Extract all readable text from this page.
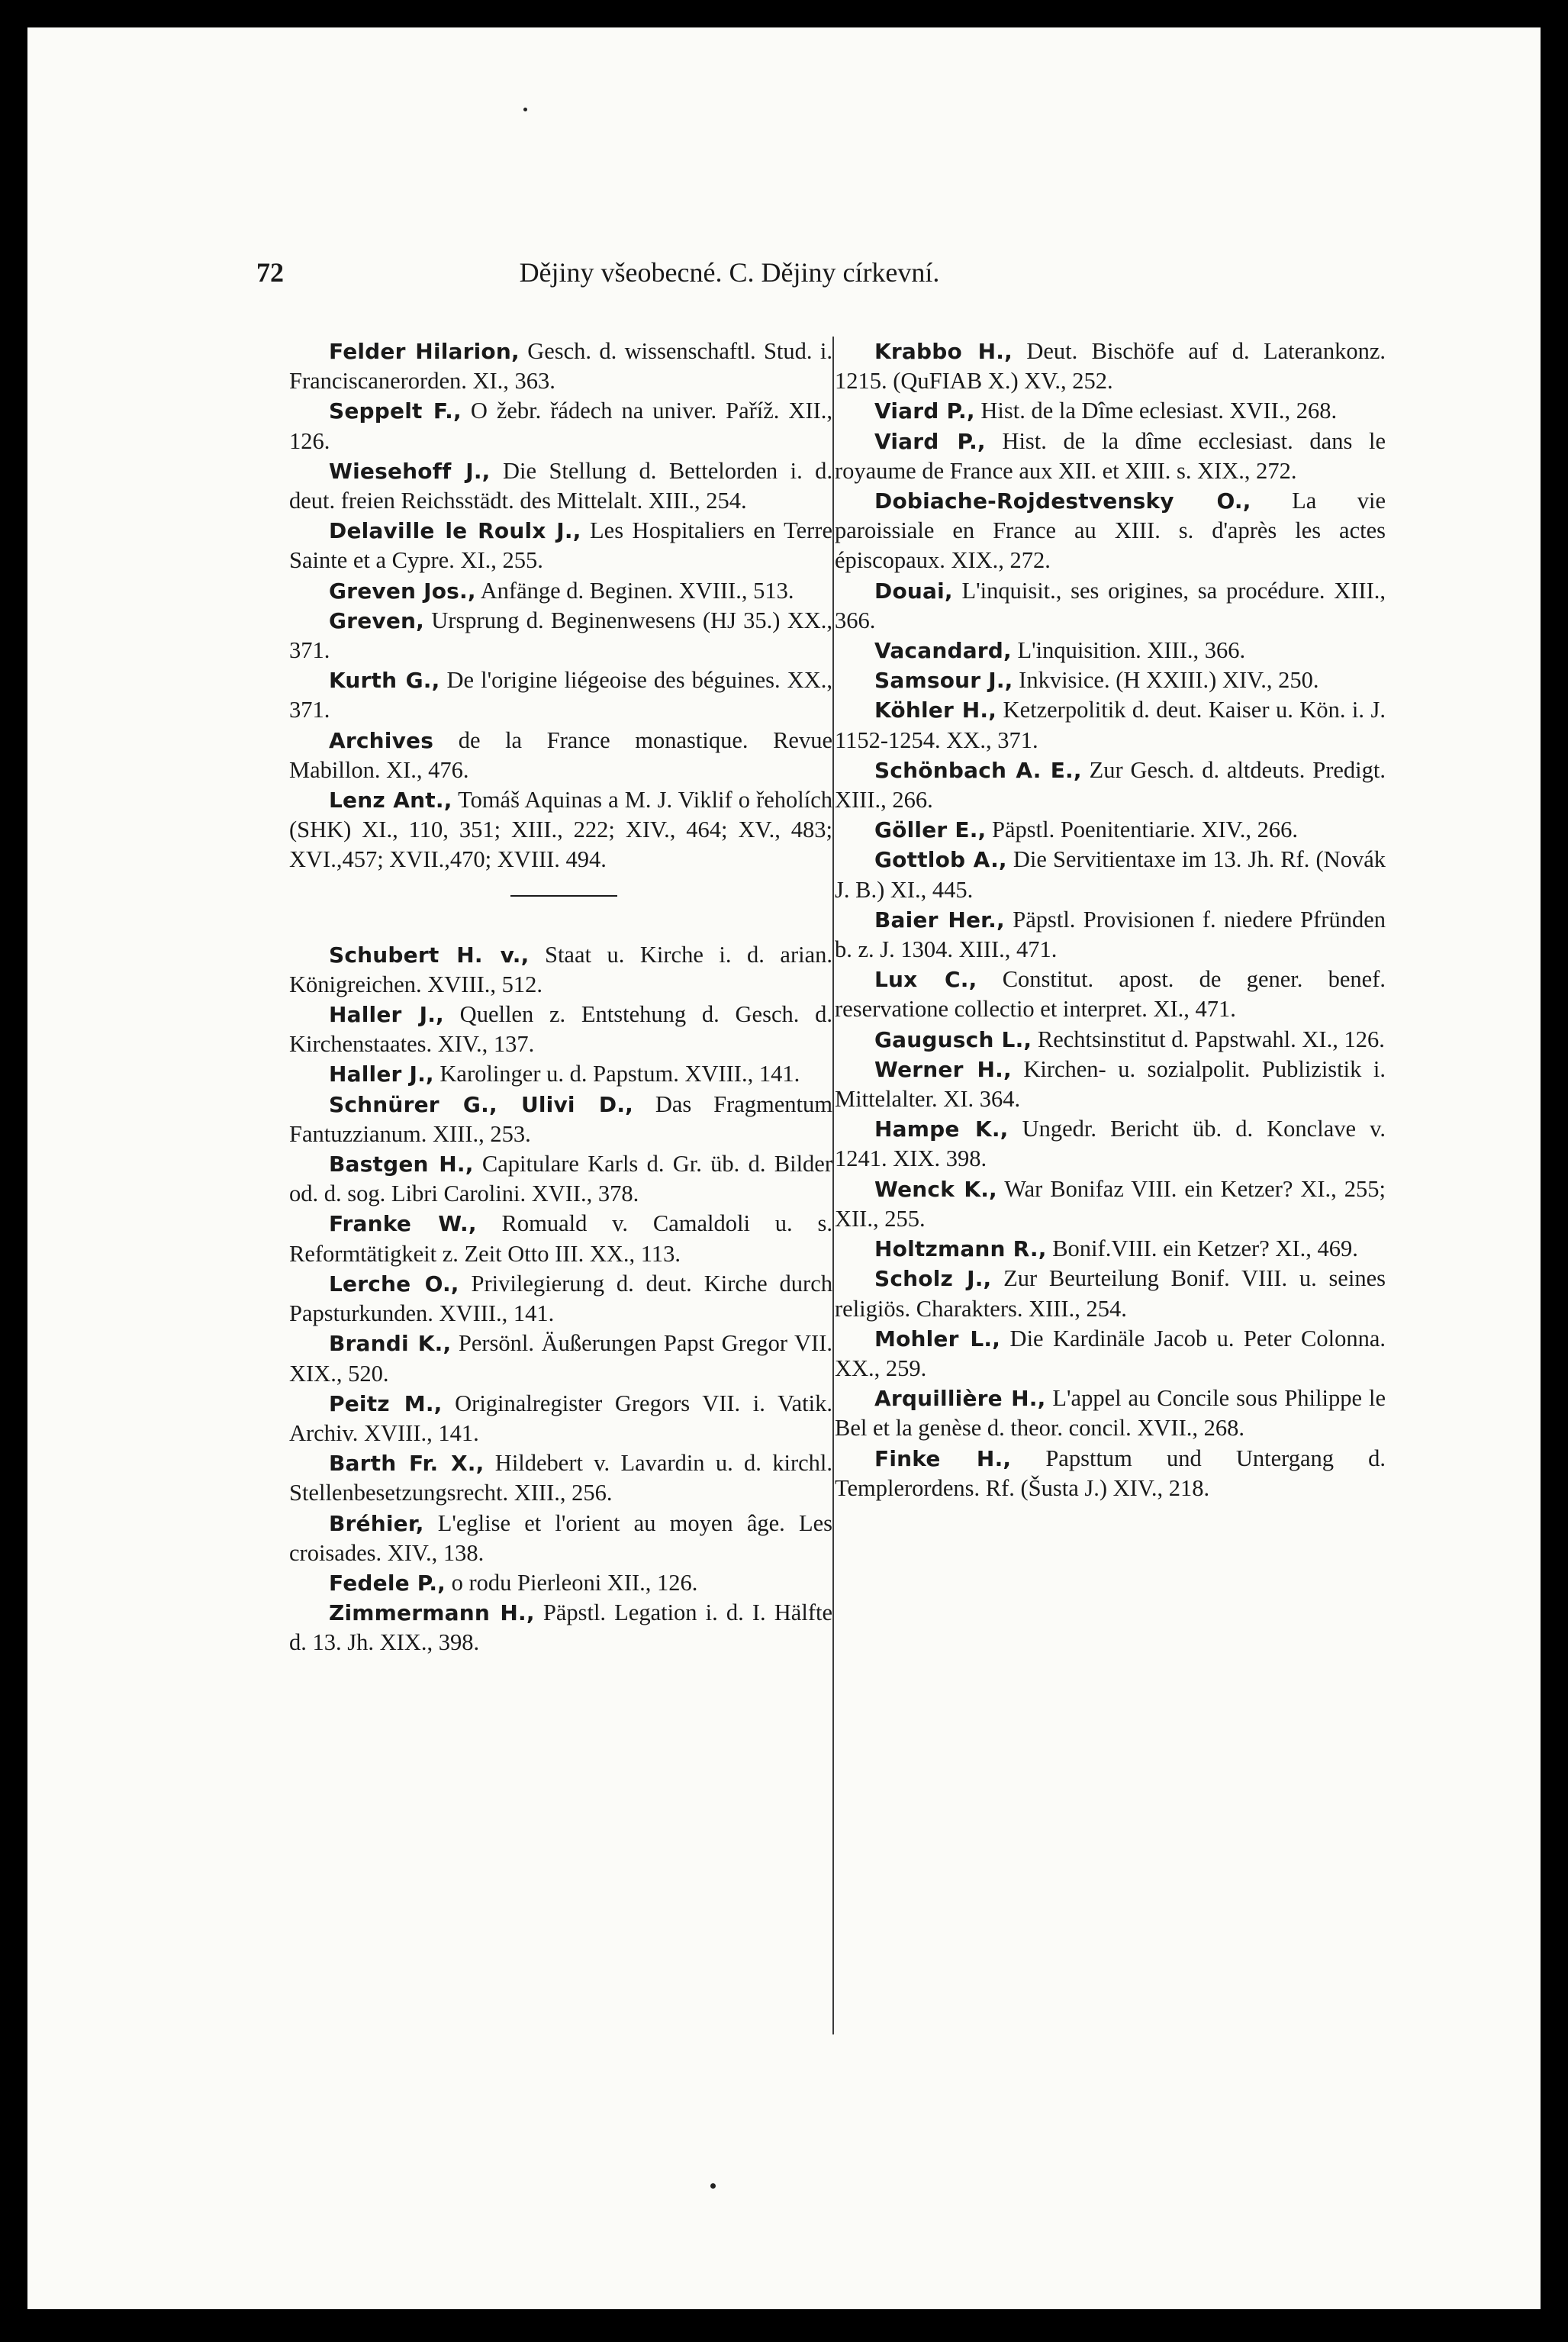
72	Dějiny všeobecné. C. Dějiny církevní.

Felder Hilarion, Gesch. d. wissenschaftl. Stud. i. Franciscanerorden. XI., 363.

Seppelt F., O žebr. řádech na univer. Paříž. XII., 126.

Wiesehoff J., Die Stellung d. Bettelorden i. d. deut. freien Reichsstädt. des Mittelalt. XIII., 254.

Delaville le Roulx J., Les Hospitaliers en Terre Sainte et a Cypre. XI., 255.

Greven Jos., Anfänge d. Beginen. XVIII., 513.

Greven, Ursprung d. Beginenwesens (HJ 35.) XX., 371.

Kurth G., De l'origine liégeoise des béguines. XX., 371.

Archives de la France monastique. Revue Mabillon. XI., 476.

Lenz Ant., Tomáš Aquinas a M. J. Viklif o řeholích (SHK) XI., 110, 351; XIII., 222; XIV., 464; XV., 483; XVI.,457; XVII.,470; XVIII. 494.

Schubert H. v., Staat u. Kirche i. d. arian. Königreichen. XVIII., 512.

Haller J., Quellen z. Entstehung d. Gesch. d. Kirchenstaates. XIV., 137.

Haller J., Karolinger u. d. Papstum. XVIII., 141.

Schnürer G., Ulivi D., Das Fragmentum Fantuzzianum. XIII., 253.

Bastgen H., Capitulare Karls d. Gr. üb. d. Bilder od. d. sog. Libri Carolini. XVII., 378.

Franke W., Romuald v. Camaldoli u. s. Reformtätigkeit z. Zeit Otto III. XX., 113.

Lerche O., Privilegierung d. deut. Kirche durch Papsturkunden. XVIII., 141.

Brandi K., Persönl. Äußerungen Papst Gregor VII. XIX., 520.

Peitz M., Originalregister Gregors VII. i. Vatik. Archiv. XVIII., 141.

Barth Fr. X., Hildebert v. Lavardin u. d. kirchl. Stellenbesetzungsrecht. XIII., 256.

Bréhier, L'eglise et l'orient au moyen âge. Les croisades. XIV., 138.

Fedele P., o rodu Pierleoni XII., 126.

Zimmermann H., Päpstl. Legation i. d. I. Hälfte d. 13. Jh. XIX., 398.

Krabbo H., Deut. Bischöfe auf d. Laterankonz. 1215. (QuFIAB X.) XV., 252.

Viard P., Hist. de la Dîme eclesiast. XVII., 268.

Viard P., Hist. de la dîme ecclesiast. dans le royaume de France aux XII. et XIII. s. XIX., 272.

Dobiache-Rojdestvensky O., La vie paroissiale en France au XIII. s. d'après les actes épiscopaux. XIX., 272.

Douai, L'inquisit., ses origines, sa procédure. XIII., 366.

Vacandard, L'inquisition. XIII., 366.

Samsour J., Inkvisice. (H XXIII.) XIV., 250.

Köhler H., Ketzerpolitik d. deut. Kaiser u. Kön. i. J. 1152-1254. XX., 371.

Schönbach A. E., Zur Gesch. d. altdeuts. Predigt. XIII., 266.

Göller E., Päpstl. Poenitentiarie. XIV., 266.

Gottlob A., Die Servitientaxe im 13. Jh. Rf. (Novák J. B.) XI., 445.

Baier Her., Päpstl. Provisionen f. niedere Pfründen b. z. J. 1304. XIII., 471.

Lux C., Constitut. apost. de gener. benef. reservatione collectio et interpret. XI., 471.

Gaugusch L., Rechtsinstitut d. Papstwahl. XI., 126.

Werner H., Kirchen- u. sozialpolit. Publizistik i. Mittelalter. XI. 364.

Hampe K., Ungedr. Bericht üb. d. Konclave v. 1241. XIX. 398.

Wenck K., War Bonifaz VIII. ein Ketzer? XI., 255; XII., 255.

Holtzmann R., Bonif.VIII. ein Ketzer? XI., 469.

Scholz J., Zur Beurteilung Bonif. VIII. u. seines religiös. Charakters. XIII., 254.

Mohler L., Die Kardinäle Jacob u. Peter Colonna. XX., 259.

Arquillière H., L'appel au Concile sous Philippe le Bel et la genèse d. theor. concil. XVII., 268.

Finke H., Papsttum und Untergang d. Templerordens. Rf. (Šusta J.) XIV., 218.
